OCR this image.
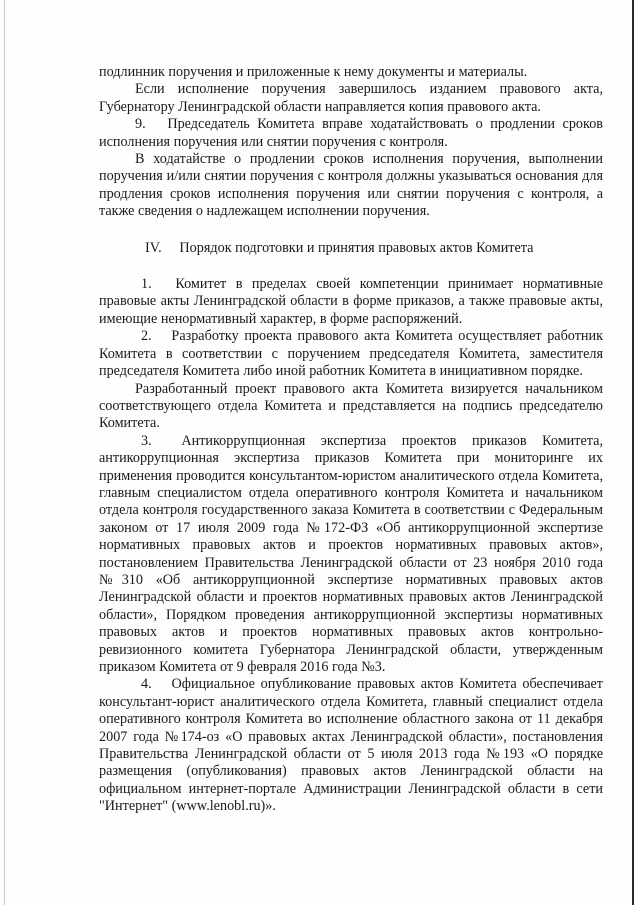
подлинник поручения и приложенные к нему документы и материалы.

Если исполнение поручения завершилось изданием правового акта, Губернатору Ленинградской области направляется копия правового акта.

9.  Председатель Комитета вправе ходатайствовать о продлении сроков исполнения поручения или снятии поручения с контроля.

В ходатайстве о продлении сроков исполнения поручения, выполнении поручения и/или снятии поручения с контроля должны указываться основания для продления сроков исполнения поручения или снятии поручения с контроля, а также сведения о надлежащем исполнении поручения.

IV.  Порядок подготовки и принятия правовых актов Комитета

1.  Комитет в пределах своей компетенции принимает нормативные правовые акты Ленинградской области в форме приказов, а также правовые акты, имеющие ненормативный характер, в форме распоряжений.

2.  Разработку проекта правового акта Комитета осуществляет работник Комитета в соответствии с поручением председателя Комитета, заместителя председателя Комитета либо иной работник Комитета в инициативном порядке.

Разработанный проект правового акта Комитета визируется начальником соответствующего отдела Комитета и представляется на подпись председателю Комитета.

3.  Антикоррупционная экспертиза проектов приказов Комитета, антикоррупционная экспертиза приказов Комитета при мониторинге их применения проводится консультантом-юристом аналитического отдела Комитета, главным специалистом отдела оперативного контроля Комитета и начальником отдела контроля государственного заказа Комитета в соответствии с Федеральным законом от 17 июля 2009 года №172-ФЗ «Об антикоррупционной экспертизе нормативных правовых актов и проектов нормативных правовых актов», постановлением Правительства Ленинградской области от 23 ноября 2010 года №310 «Об антикоррупционной экспертизе нормативных правовых актов Ленинградской области и проектов нормативных правовых актов Ленинградской области», Порядком проведения антикоррупционной экспертизы нормативных правовых актов и проектов нормативных правовых актов контрольно-ревизионного комитета Губернатора Ленинградской области, утвержденным приказом Комитета от 9 февраля 2016 года №3.

4.  Официальное опубликование правовых актов Комитета обеспечивает консультант-юрист аналитического отдела Комитета, главный специалист отдела оперативного контроля Комитета во исполнение областного закона от 11 декабря 2007 года №174-оз «О правовых актах Ленинградской области», постановления Правительства Ленинградской области от 5 июля 2013 года №193 «О порядке размещения (опубликования) правовых актов Ленинградской области на официальном интернет-портале Администрации Ленинградской области в сети "Интернет" (www.lenobl.ru)».
